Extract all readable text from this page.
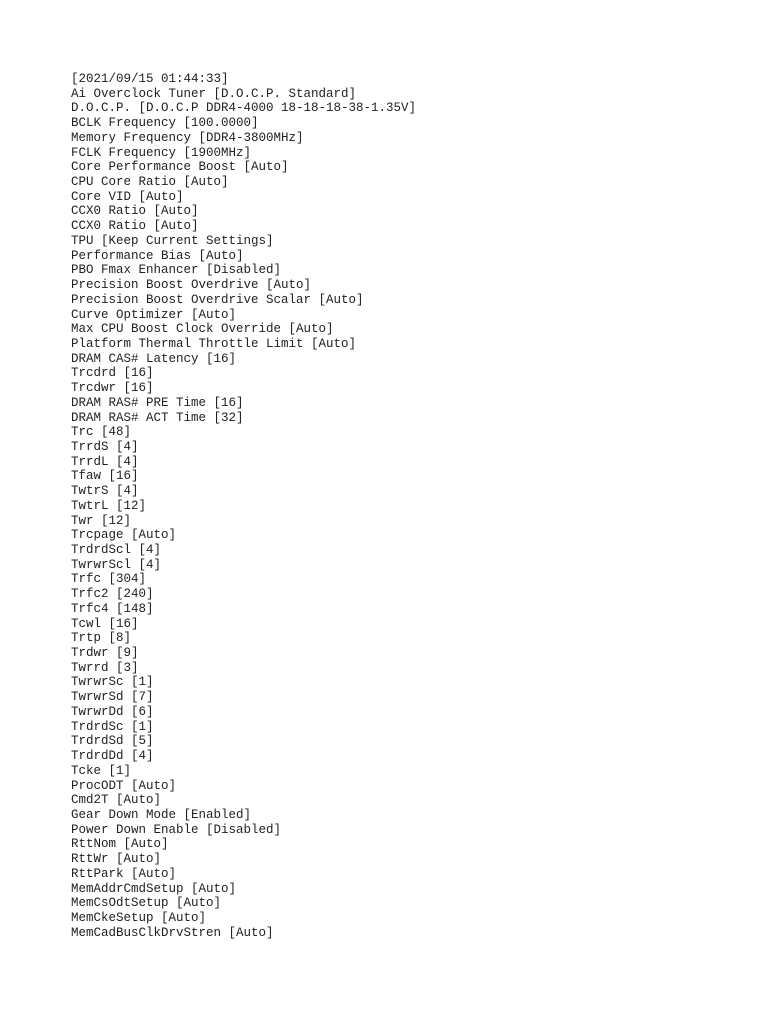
[2021/09/15 01:44:33]
Ai Overclock Tuner [D.O.C.P. Standard]
D.O.C.P. [D.O.C.P DDR4-4000 18-18-18-38-1.35V]
BCLK Frequency [100.0000]
Memory Frequency [DDR4-3800MHz]
FCLK Frequency [1900MHz]
Core Performance Boost [Auto]
CPU Core Ratio [Auto]
Core VID [Auto]
CCX0 Ratio [Auto]
CCX0 Ratio [Auto]
TPU [Keep Current Settings]
Performance Bias [Auto]
PBO Fmax Enhancer [Disabled]
Precision Boost Overdrive [Auto]
Precision Boost Overdrive Scalar [Auto]
Curve Optimizer [Auto]
Max CPU Boost Clock Override [Auto]
Platform Thermal Throttle Limit [Auto]
DRAM CAS# Latency [16]
Trcdrd [16]
Trcdwr [16]
DRAM RAS# PRE Time [16]
DRAM RAS# ACT Time [32]
Trc [48]
TrrdS [4]
TrrdL [4]
Tfaw [16]
TwtrS [4]
TwtrL [12]
Twr [12]
Trcpage [Auto]
TrdrdScl [4]
TwrwrScl [4]
Trfc [304]
Trfc2 [240]
Trfc4 [148]
Tcwl [16]
Trtp [8]
Trdwr [9]
Twrrd [3]
TwrwrSc [1]
TwrwrSd [7]
TwrwrDd [6]
TrdrdSc [1]
TrdrdSd [5]
TrdrdDd [4]
Tcke [1]
ProcODT [Auto]
Cmd2T [Auto]
Gear Down Mode [Enabled]
Power Down Enable [Disabled]
RttNom [Auto]
RttWr [Auto]
RttPark [Auto]
MemAddrCmdSetup [Auto]
MemCsOdtSetup [Auto]
MemCkeSetup [Auto]
MemCadBusClkDrvStren [Auto]
